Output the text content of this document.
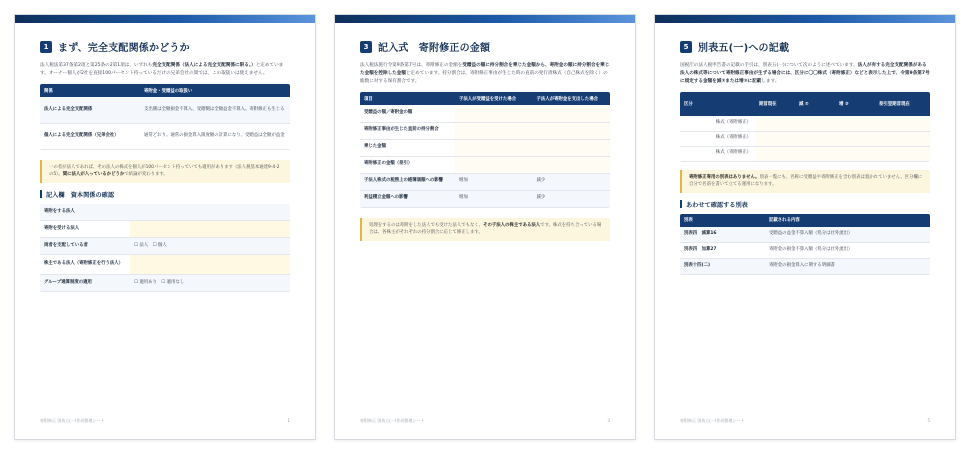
1 まず、完全支配関係かどうか

法人税法第37条第2項と第25条の2第1項は、いずれも完全支配関係（法人による完全支配関係に限る。）と定めています。オーナー個人が2社を直接100パーセント持っているだけの兄弟会社の間では、この取扱いは使えません。

関係	寄附金・受贈益の取扱い
法人による完全支配関係	支出側は全額損金不算入、受贈側は全額益金不算入。寄附修正も生じる
個人による完全支配関係（兄弟会社）	通常どおり。通常の損金算入限度額の計算になり、受贈益は全額が益金
一の者が法人であれば、その法人の株式を個人が100パーセント持っていても適用があります（法人税基本通達9-4-2の5）。間に法人が入っているかどうかで結論が変わります。
記入欄　資本関係の確認
寄附をする法人	
寄附を受ける法人	
両者を支配している者	☐ 法人　☐ 個人
株主である法人（寄附修正を行う法人）	
グループ通算制度の適用	☐ 適用あり　☐ 適用なし
寄附修正 別表五(一)作成整理シート	1
3 記入式　寄附修正の金額

法人税法施行令第9条第7号は、寄附修正の金額を受贈益の額に持分割合を乗じた金額から、寄附金の額に持分割合を乗じた金額を控除した金額と定めています。持分割合は、寄附修正事由が生じた時の直前の発行済株式（自己株式を除く）の総数に対する保有割合です。

項目	子法人が受贈益を受けた場合	子法人が寄附金を支出した場合
受贈益の額／寄附金の額		
寄附修正事由が生じた直前の持分割合		
乗じた金額		
寄附修正の金額（差引）		
子法人株式の税務上の帳簿価額への影響	増加	減少
利益積立金額への影響	増加	減少
処理をするのは寄附をした法人でも受けた法人でもなく、その子法人の株主である法人です。株式を持ち合っている場合は、各株主がそれぞれの持分割合に応じて修正します。
寄附修正 別表五(一)作成整理シート	3
5 別表五(一)への記載

国税庁の法人税申告書の記載の手引は、別表五(一)について次のように述べています。法人が有する完全支配関係がある法人の株式等について寄附修正事由が生ずる場合には、区分に〇〇株式（寄附修正）などと表示した上で、令第9条第7号に規定する金額を減②または増③に記載します。

区分	期首現在	減 ②	増 ③	差引翌期首現在
株式（寄附修正）				
株式（寄附修正）				
株式（寄附修正）				
寄附修正専用の別表はありません。別表一覧にも、名称に受贈益や寄附修正を含む別表は置かれていません。区分欄に自分で名前を書いて立てる運用になります。
あわせて確認する別表
別表	記載される内容
別表四　減算16	受贈益の益金不算入額（処分は社外流出）
別表四　加算27	寄附金の損金不算入額（処分は社外流出）
別表十四(二)	寄附金の損金算入に関する明細書
寄附修正 別表五(一)作成整理シート	5
